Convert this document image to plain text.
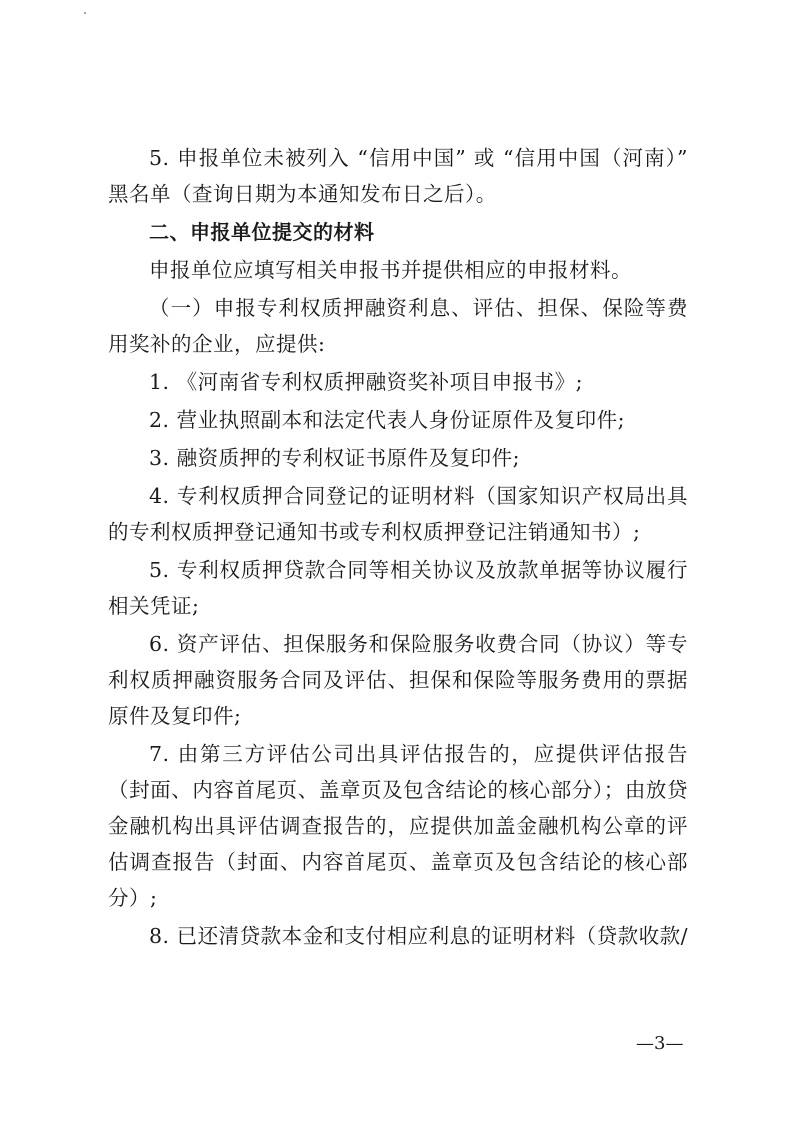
5. 申报单位未被列入 “信用中国” 或 “信用中国（河南）” 黑名单（查询日期为本通知发布日之后）。

二、申报单位提交的材料

申报单位应填写相关申报书并提供相应的申报材料。

（一）申报专利权质押融资利息、评估、担保、保险等费用奖补的企业，应提供:

1. 《河南省专利权质押融资奖补项目申报书》;

2. 营业执照副本和法定代表人身份证原件及复印件;

3. 融资质押的专利权证书原件及复印件;

4. 专利权质押合同登记的证明材料（国家知识产权局出具的专利权质押登记通知书或专利权质押登记注销通知书）;

5. 专利权质押贷款合同等相关协议及放款单据等协议履行相关凭证;

6. 资产评估、担保服务和保险服务收费合同（协议）等专利权质押融资服务合同及评估、担保和保险等服务费用的票据原件及复印件;

7. 由第三方评估公司出具评估报告的，应提供评估报告（封面、内容首尾页、盖章页及包含结论的核心部分）；由放贷金融机构出具评估调查报告的，应提供加盖金融机构公章的评估调查报告（封面、内容首尾页、盖章页及包含结论的核心部分）;

8. 已还清贷款本金和支付相应利息的证明材料（贷款收款/

—3—
